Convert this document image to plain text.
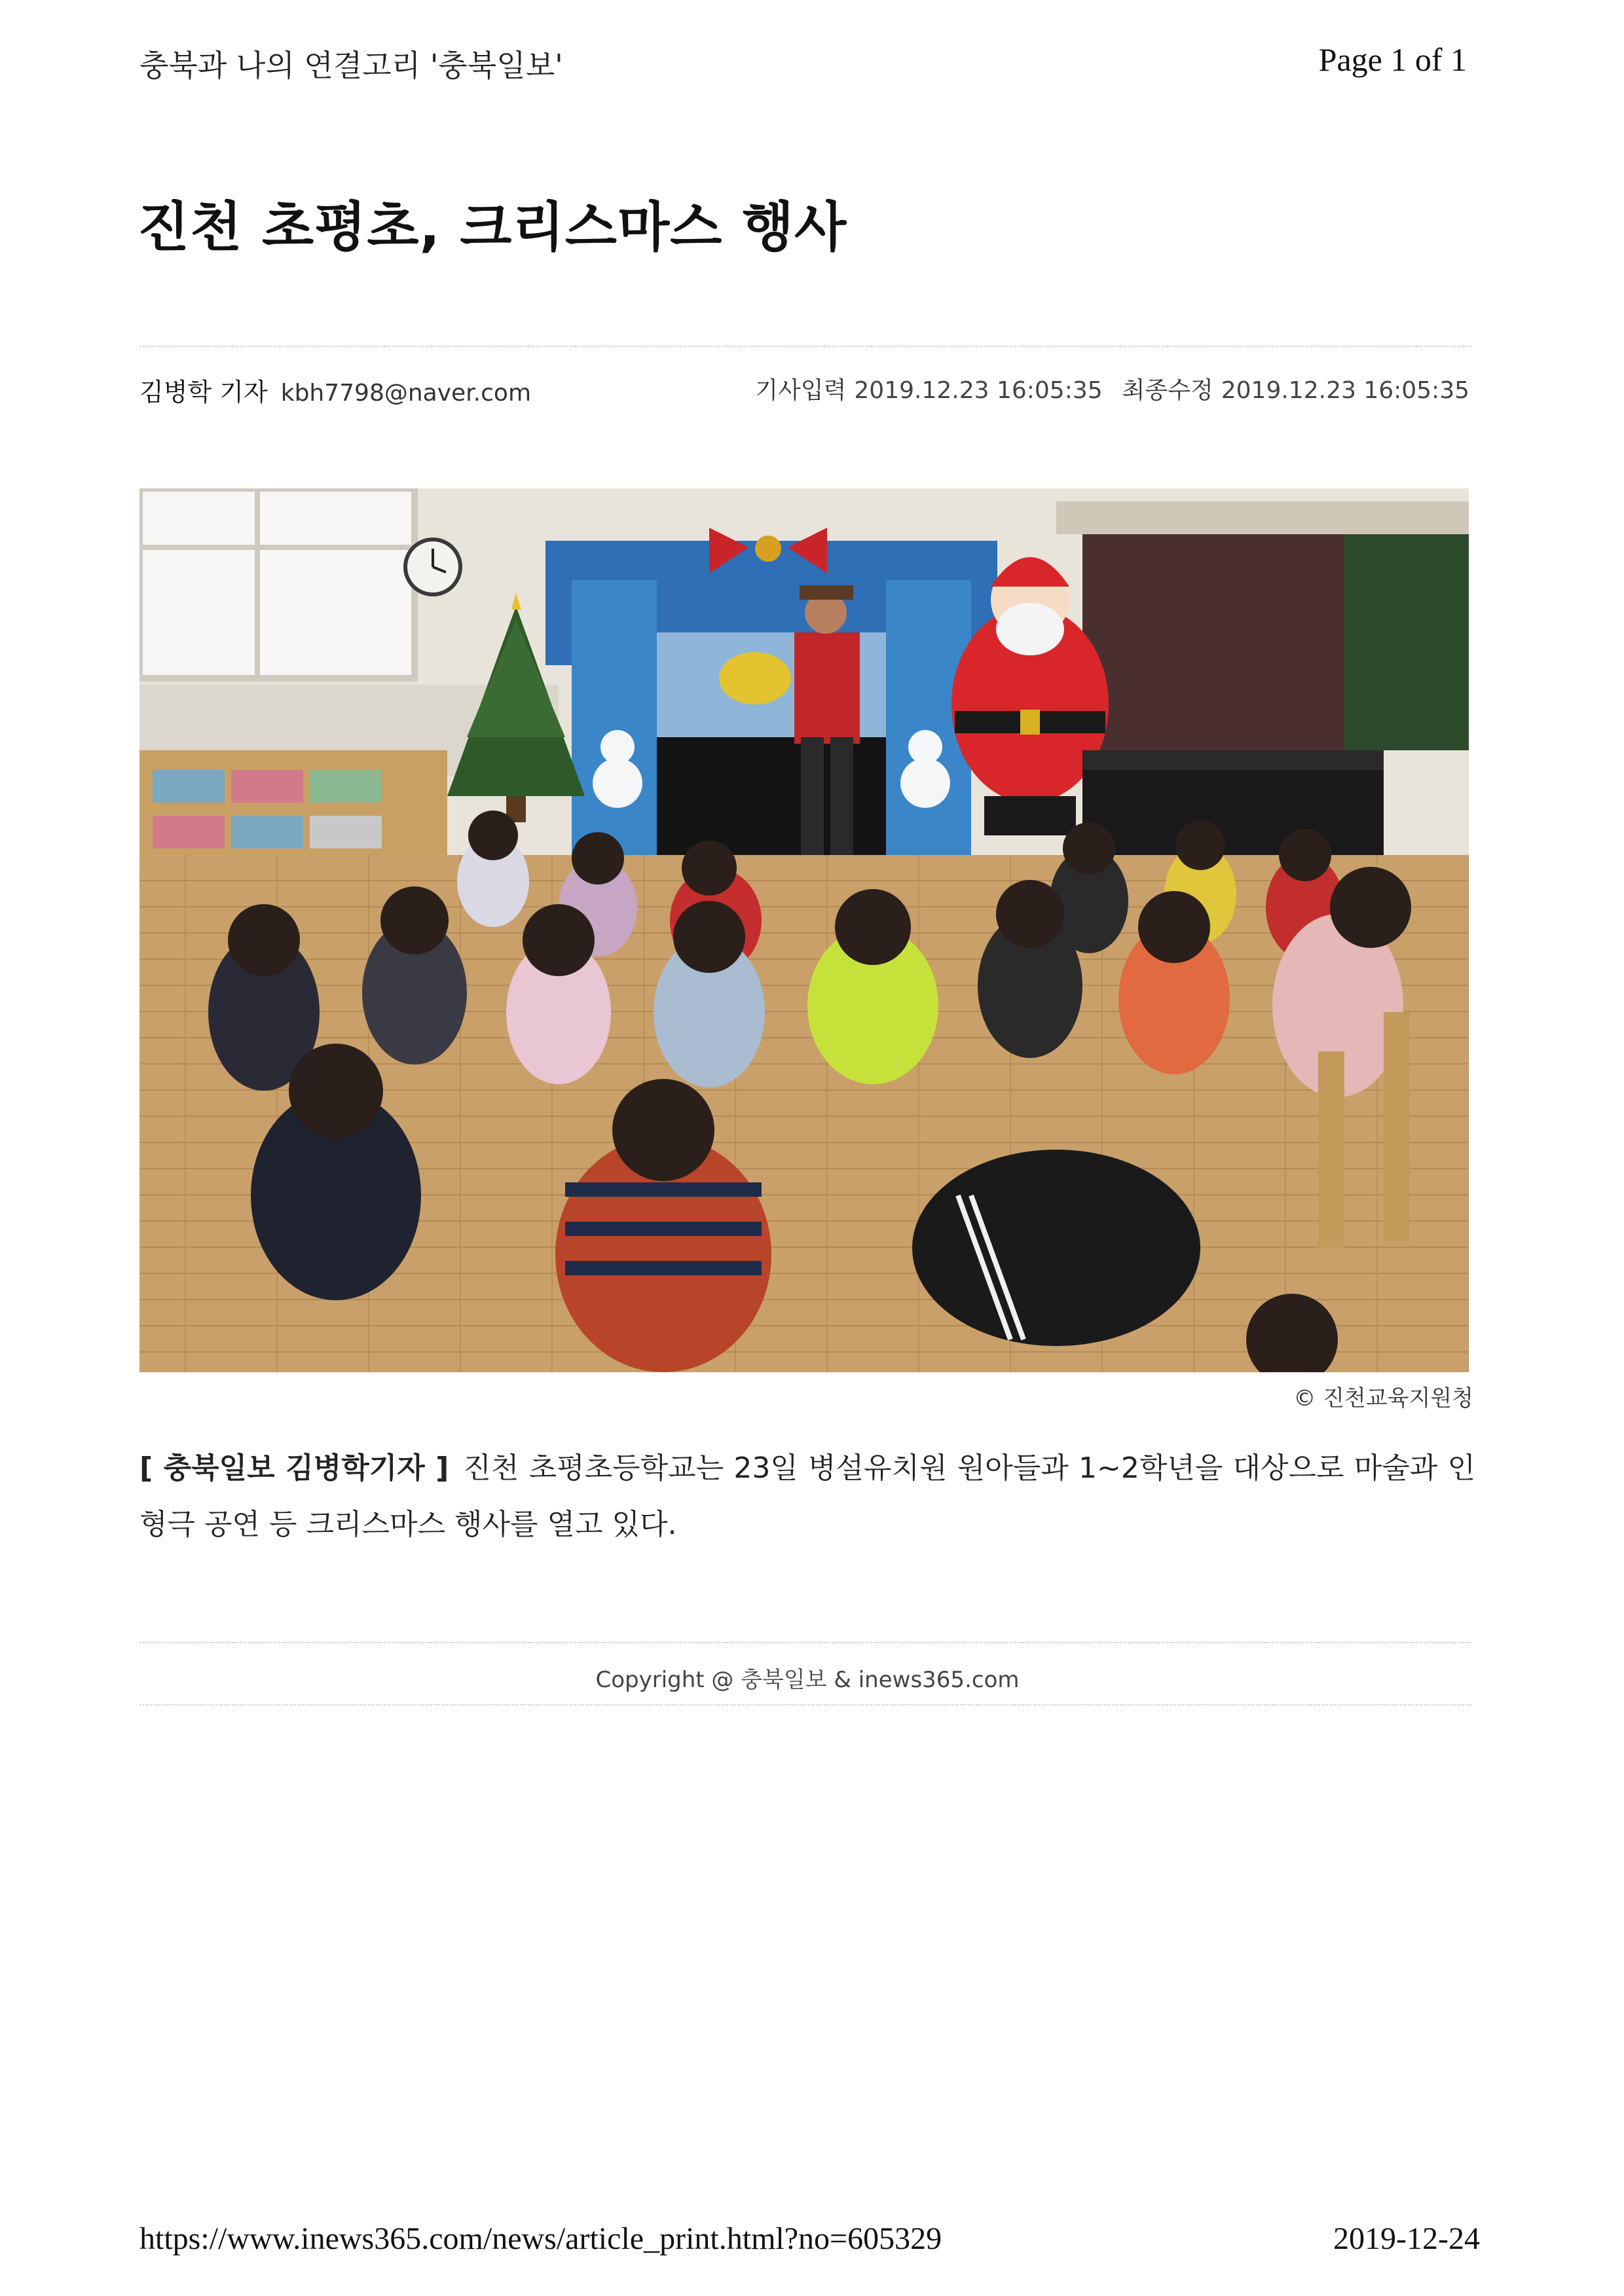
충북과 나의 연결고리 '충북일보'	Page 1 of 1
진천 초평초, 크리스마스 행사
김병학 기자 kbh7798@naver.com	기사입력 2019.12.23 16:05:35 최종수정 2019.12.23 16:05:35
© 진천교육지원청
[ 충북일보 김병학기자 ] 진천 초평초등학교는 23일 병설유치원 원아들과 1~2학년을 대상으로 마술과 인형극 공연 등 크리스마스 행사를 열고 있다.
Copyright @ 충북일보 & inews365.com
https://www.inews365.com/news/article_print.html?no=605329	2019-12-24
